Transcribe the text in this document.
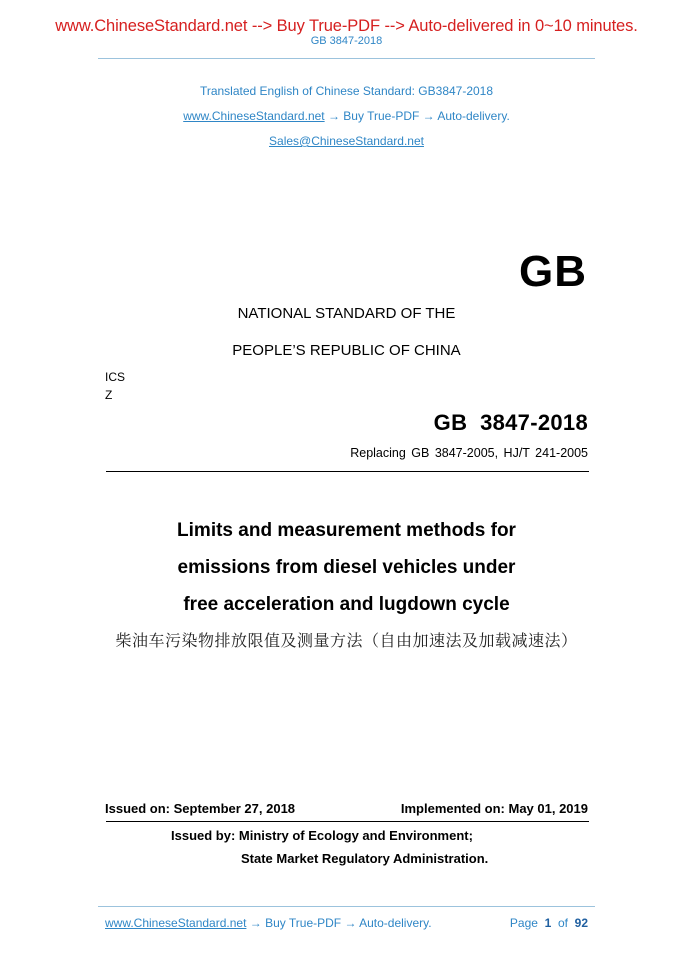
www.ChineseStandard.net --> Buy True-PDF --> Auto-delivered in 0~10 minutes.
GB 3847-2018
Translated English of Chinese Standard: GB3847-2018
www.ChineseStandard.net → Buy True-PDF → Auto-delivery.
Sales@ChineseStandard.net
GB
NATIONAL STANDARD OF THE
PEOPLE’S REPUBLIC OF CHINA
ICS
Z
GB  3847-2018
Replacing GB 3847-2005, HJ/T 241-2005
Limits and measurement methods for
emissions from diesel vehicles under
free acceleration and lugdown cycle
柴油车污染物排放限值及测量方法（自由加速法及加载减速法）
Issued on: September 27, 2018	Implemented on: May 01, 2019
Issued by: Ministry of Ecology and Environment;
State Market Regulatory Administration.
www.ChineseStandard.net → Buy True-PDF → Auto-delivery.	Page 1 of 92
